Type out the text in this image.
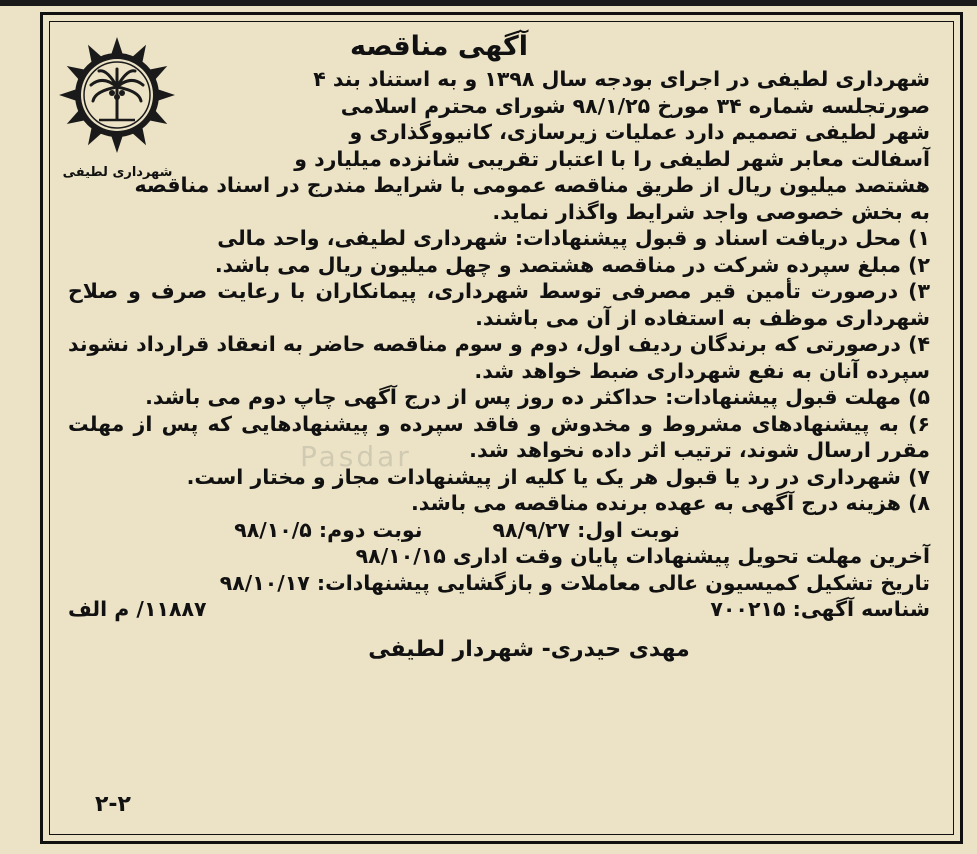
Pasdar
شهرداری لطیفی
آگهی مناقصه

شهرداری لطیفی در اجرای بودجه سال ۱۳۹۸ و به استناد بند ۴

صورتجلسه شماره ۳۴ مورخ ۹۸/۱/۲۵ شورای محترم اسلامی

شهر لطیفی تصمیم دارد عملیات زیرسازی، کانیووگذاری و

آسفالت معابر شهر لطیفی را با اعتبار تقریبی شانزده میلیارد و

هشتصد میلیون ریال از طریق مناقصه عمومی با شرایط مندرج در اسناد مناقصه

به بخش خصوصی واجد شرایط واگذار نماید.

۱) محل دریافت اسناد و قبول پیشنهادات: شهرداری لطیفی، واحد مالی

۲) مبلغ سپرده شرکت در مناقصه هشتصد و چهل میلیون ریال می باشد.

۳) درصورت تأمین قیر مصرفی توسط شهرداری، پیمانکاران با رعایت صرف و صلاح شهرداری موظف به استفاده از آن می باشند.

۴) درصورتی که برندگان ردیف اول، دوم و سوم مناقصه حاضر به انعقاد قرارداد نشوند سپرده آنان به نفع شهرداری ضبط خواهد شد.

۵) مهلت قبول پیشنهادات: حداکثر ده روز پس از درج آگهی چاپ دوم می باشد.

۶) به پیشنهادهای مشروط و مخدوش و فاقد سپرده و پیشنهادهایی که پس از مهلت مقرر ارسال شوند، ترتیب اثر داده نخواهد شد.

۷) شهرداری در رد یا قبول هر یک یا کلیه از پیشنهادات مجاز و مختار است.

۸) هزینه درج آگهی به عهده برنده مناقصه می باشد.

نوبت اول: ۹۸/۹/۲۷
نوبت دوم: ۹۸/۱۰/۵

آخرین مهلت تحویل پیشنهادات پایان وقت اداری ۹۸/۱۰/۱۵

تاریخ تشکیل کمیسیون عالی معاملات و بازگشایی پیشنهادات: ۹۸/۱۰/۱۷

شناسه آگهی: ۷۰۰۲۱۵
۱۱۸۸۷/ م الف
مهدی حیدری- شهردار لطیفی
۲-۲
